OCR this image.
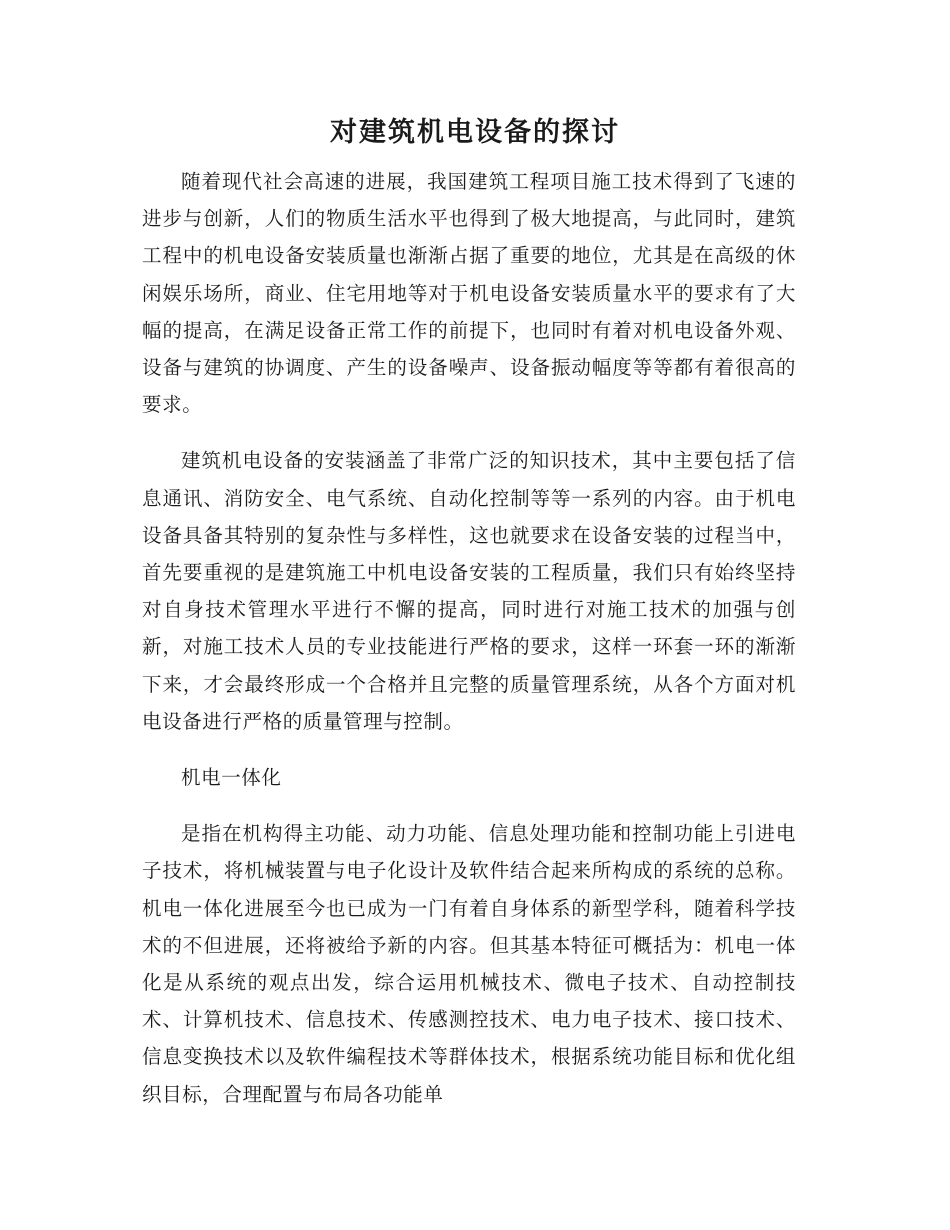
对建筑机电设备的探讨

随着现代社会高速的进展，我国建筑工程项目施工技术得到了飞速的进步与创新，人们的物质生活水平也得到了极大地提高，与此同时，建筑工程中的机电设备安装质量也渐渐占据了重要的地位，尤其是在高级的休闲娱乐场所，商业、住宅用地等对于机电设备安装质量水平的要求有了大幅的提高，在满足设备正常工作的前提下，也同时有着对机电设备外观、设备与建筑的协调度、产生的设备噪声、设备振动幅度等等都有着很高的要求。

建筑机电设备的安装涵盖了非常广泛的知识技术，其中主要包括了信息通讯、消防安全、电气系统、自动化控制等等一系列的内容。由于机电设备具备其特别的复杂性与多样性，这也就要求在设备安装的过程当中，首先要重视的是建筑施工中机电设备安装的工程质量，我们只有始终坚持对自身技术管理水平进行不懈的提高，同时进行对施工技术的加强与创新，对施工技术人员的专业技能进行严格的要求，这样一环套一环的渐渐下来，才会最终形成一个合格并且完整的质量管理系统，从各个方面对机电设备进行严格的质量管理与控制。

机电一体化

是指在机构得主功能、动力功能、信息处理功能和控制功能上引进电子技术，将机械装置与电子化设计及软件结合起来所构成的系统的总称。机电一体化进展至今也已成为一门有着自身体系的新型学科，随着科学技术的不但进展，还将被给予新的内容。但其基本特征可概括为：机电一体化是从系统的观点出发，综合运用机械技术、微电子技术、自动控制技术、计算机技术、信息技术、传感测控技术、电力电子技术、接口技术、信息变换技术以及软件编程技术等群体技术，根据系统功能目标和优化组织目标，合理配置与布局各功能单
